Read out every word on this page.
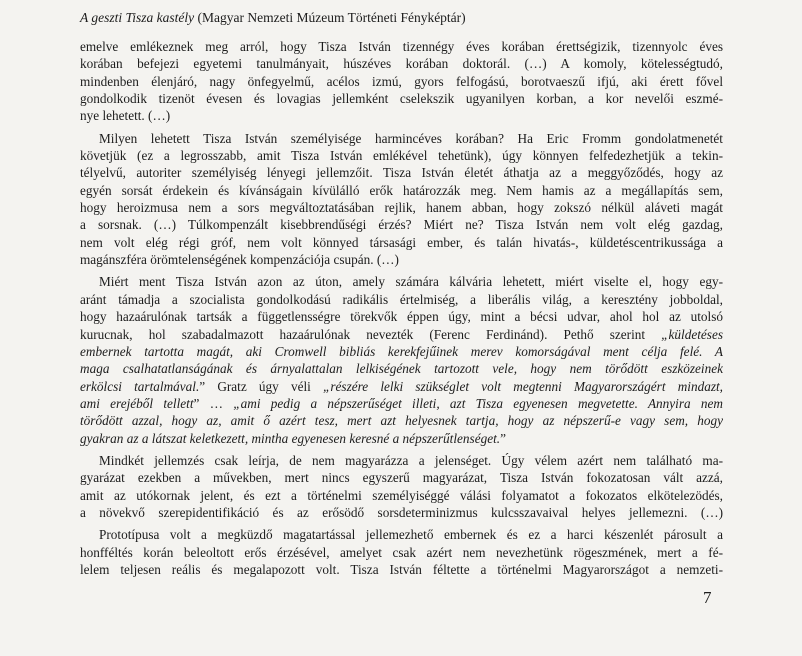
A geszti Tisza kastély (Magyar Nemzeti Múzeum Történeti Fényképtár)
emelve emlékeznek meg arról, hogy Tisza István tizennégy éves korában érettségizik, tizennyolc éves
korában befejezi egyetemi tanulmányait, húszéves korában doktorál. (…) A komoly, kötelességtudó,
mindenben élenjáró, nagy önfegyelmű, acélos izmú, gyors felfogású, borotvaeszű ifjú, aki érett fővel
gondolkodik tizenöt évesen és lovagias jellemként cselekszik ugyanilyen korban, a kor nevelői eszmé-
nye lehetett. (…)
Milyen lehetett Tisza István személyisége harmincéves korában? Ha Eric Fromm gondolatmenetét
követjük (ez a legrosszabb, amit Tisza István emlékével tehetünk), úgy könnyen felfedezhetjük a tekin-
télyelvű, autoriter személyiség lényegi jellemzőit. Tisza István életét áthatja az a meggyőződés, hogy az
egyén sorsát érdekein és kívánságain kívülálló erők határozzák meg. Nem hamis az a megállapítás sem,
hogy heroizmusa nem a sors megváltoztatásában rejlik, hanem abban, hogy zokszó nélkül aláveti magát
a sorsnak. (…) Túlkompenzált kisebbrendűségi érzés? Miért ne? Tisza István nem volt elég gazdag,
nem volt elég régi gróf, nem volt könnyed társasági ember, és talán hivatás-, küldetéscentrikussága a
magánszféra örömtelenségének kompenzációja csupán. (…)
Miért ment Tisza István azon az úton, amely számára kálvária lehetett, miért viselte el, hogy egy-
aránt támadja a szocialista gondolkodású radikális értelmiség, a liberális világ, a keresztény jobboldal,
hogy hazaárulónak tartsák a függetlensségre törekvők éppen úgy, mint a bécsi udvar, ahol hol az utolsó
kurucnak, hol szabadalmazott hazaárulónak nevezték (Ferenc Ferdinánd). Pethő szerint „küldetéses
embernek tartotta magát, aki Cromwell bibliás kerekfejűinek merev komorságával ment célja felé. A
maga csalhatatlanságának és árnyalattalan lelkiségének tartozott vele, hogy nem törődött eszközeinek
erkölcsi tartalmával.” Gratz úgy véli „részére lelki szükséglet volt megtenni Magyarországért mindazt,
ami erejéből tellett” … „ami pedig a népszerűséget illeti, azt Tisza egyenesen megvetette. Annyira nem
törődött azzal, hogy az, amit ő azért tesz, mert azt helyesnek tartja, hogy az népszerű-e vagy sem, hogy
gyakran az a látszat keletkezett, mintha egyenesen keresné a népszerűtlenséget.”
Mindkét jellemzés csak leírja, de nem magyarázza a jelenséget. Úgy vélem azért nem található ma-
gyarázat ezekben a művekben, mert nincs egyszerű magyarázat, Tisza István fokozatosan vált azzá,
amit az utókornak jelent, és ezt a történelmi személyiséggé válási folyamatot a fokozatos elkötelezödés,
a növekvő szerepidentifikáció és az erősödő sorsdeterminizmus kulcsszavaival helyes jellemezni. (…)
Prototípusa volt a megküzdő magatartással jellemezhető embernek és ez a harci készenlét párosult a
honfféltés korán beleoltott erős érzésével, amelyet csak azért nem nevezhetünk rögeszmének, mert a fé-
lelem teljesen reális és megalapozott volt. Tisza István féltette a történelmi Magyarországot a nemzeti-
7
